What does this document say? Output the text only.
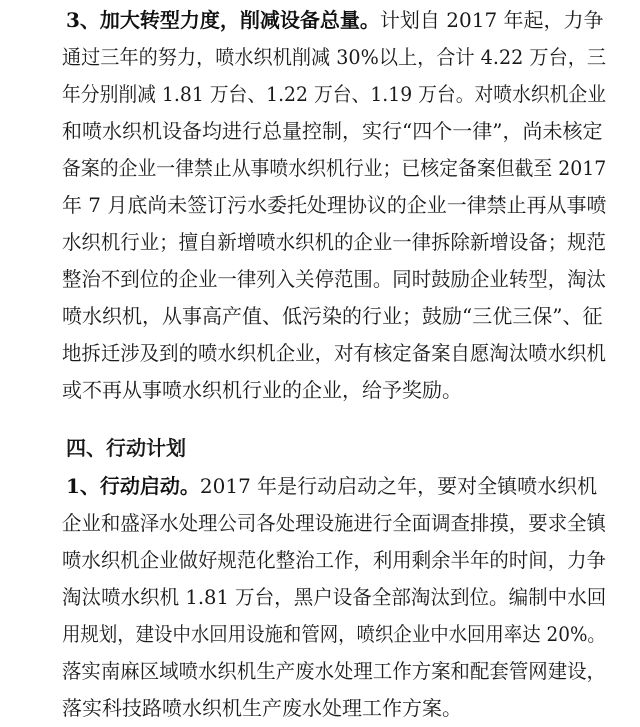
3、加大转型力度，削减设备总量。计划自 2017 年起，力争
通过三年的努力，喷水织机削减 30%以上，合计 4.22 万台，三
年分别削减 1.81 万台、1.22 万台、1.19 万台。对喷水织机企业
和喷水织机设备均进行总量控制，实行“四个一律”，尚未核定
备案的企业一律禁止从事喷水织机行业；已核定备案但截至 2017
年 7 月底尚未签订污水委托处理协议的企业一律禁止再从事喷
水织机行业；擅自新增喷水织机的企业一律拆除新增设备；规范
整治不到位的企业一律列入关停范围。同时鼓励企业转型，淘汰
喷水织机，从事高产值、低污染的行业；鼓励“三优三保”、征
地拆迁涉及到的喷水织机企业，对有核定备案自愿淘汰喷水织机
或不再从事喷水织机行业的企业，给予奖励。
四、行动计划
1、行动启动。2017 年是行动启动之年，要对全镇喷水织机
企业和盛泽水处理公司各处理设施进行全面调查排摸，要求全镇
喷水织机企业做好规范化整治工作，利用剩余半年的时间，力争
淘汰喷水织机 1.81 万台，黑户设备全部淘汰到位。编制中水回
用规划，建设中水回用设施和管网，喷织企业中水回用率达 20%。
落实南麻区域喷水织机生产废水处理工作方案和配套管网建设，
落实科技路喷水织机生产废水处理工作方案。
